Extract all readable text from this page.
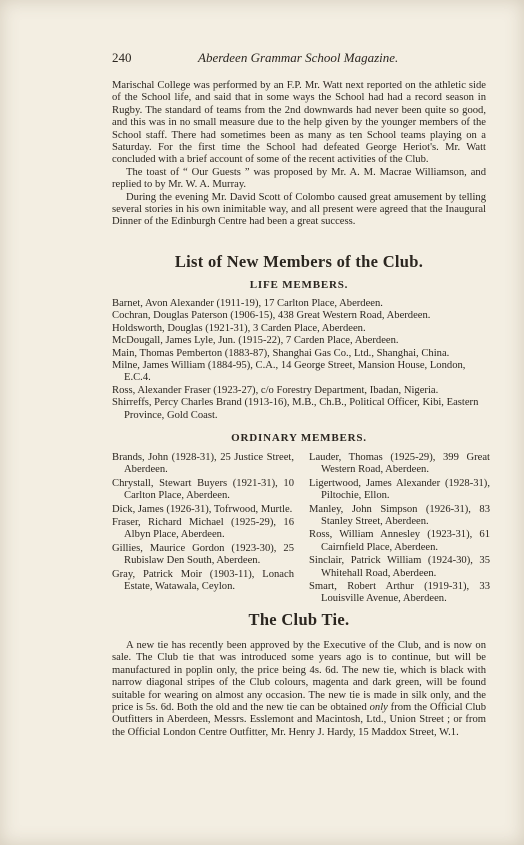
240	Aberdeen Grammar School Magazine.

Marischal College was performed by an F.P. Mr. Watt next reported on the athletic side of the School life, and said that in some ways the School had had a record season in Rugby. The standard of teams from the 2nd downwards had never been quite so good, and this was in no small measure due to the help given by the younger members of the School staff. There had sometimes been as many as ten School teams playing on a Saturday. For the first time the School had defeated George Heriot's. Mr. Watt concluded with a brief account of some of the recent activities of the Club.

The toast of “ Our Guests ” was proposed by Mr. A. M. Macrae Williamson, and replied to by Mr. W. A. Murray.

During the evening Mr. David Scott of Colombo caused great amusement by telling several stories in his own inimitable way, and all present were agreed that the Inaugural Dinner of the Edinburgh Centre had been a great success.

List of New Members of the Club.
LIFE MEMBERS.

Barnet, Avon Alexander (1911-19), 17 Carlton Place, Aberdeen.

Cochran, Douglas Paterson (1906-15), 438 Great Western Road, Aberdeen.

Holdsworth, Douglas (1921-31), 3 Carden Place, Aberdeen.

McDougall, James Lyle, Jun. (1915-22), 7 Carden Place, Aberdeen.

Main, Thomas Pemberton (1883-87), Shanghai Gas Co., Ltd., Shanghai, China.

Milne, James William (1884-95), C.A., 14 George Street, Mansion House, London, E.C.4.

Ross, Alexander Fraser (1923-27), c/o Forestry Department, Ibadan, Nigeria.

Shirreffs, Percy Charles Brand (1913-16), M.B., Ch.B., Political Officer, Kibi, Eastern Province, Gold Coast.

ORDINARY MEMBERS.

Brands, John (1928-31), 25 Justice Street, Aberdeen.

Chrystall, Stewart Buyers (1921-31), 10 Carlton Place, Aberdeen.

Dick, James (1926-31), Tofrwood, Murtle.

Fraser, Richard Michael (1925-29), 16 Albyn Place, Aberdeen.

Gillies, Maurice Gordon (1923-30), 25 Rubislaw Den South, Aberdeen.

Gray, Patrick Moir (1903-11), Lonach Estate, Watawala, Ceylon.

Lauder, Thomas (1925-29), 399 Great Western Road, Aberdeen.

Ligertwood, James Alexander (1928-31), Piltochie, Ellon.

Manley, John Simpson (1926-31), 83 Stanley Street, Aberdeen.

Ross, William Annesley (1923-31), 61 Cairnfield Place, Aberdeen.

Sinclair, Patrick William (1924-30), 35 Whitehall Road, Aberdeen.

Smart, Robert Arthur (1919-31), 33 Louisville Avenue, Aberdeen.

The Club Tie.

A new tie has recently been approved by the Executive of the Club, and is now on sale. The Club tie that was introduced some years ago is to continue, but will be manufactured in poplin only, the price being 4s. 6d. The new tie, which is black with narrow diagonal stripes of the Club colours, magenta and dark green, will be found suitable for wearing on almost any occasion. The new tie is made in silk only, and the price is 5s. 6d. Both the old and the new tie can be obtained only from the Official Club Outfitters in Aberdeen, Messrs. Esslemont and Macintosh, Ltd., Union Street ; or from the Official London Centre Outfitter, Mr. Henry J. Hardy, 15 Maddox Street, W.1.
